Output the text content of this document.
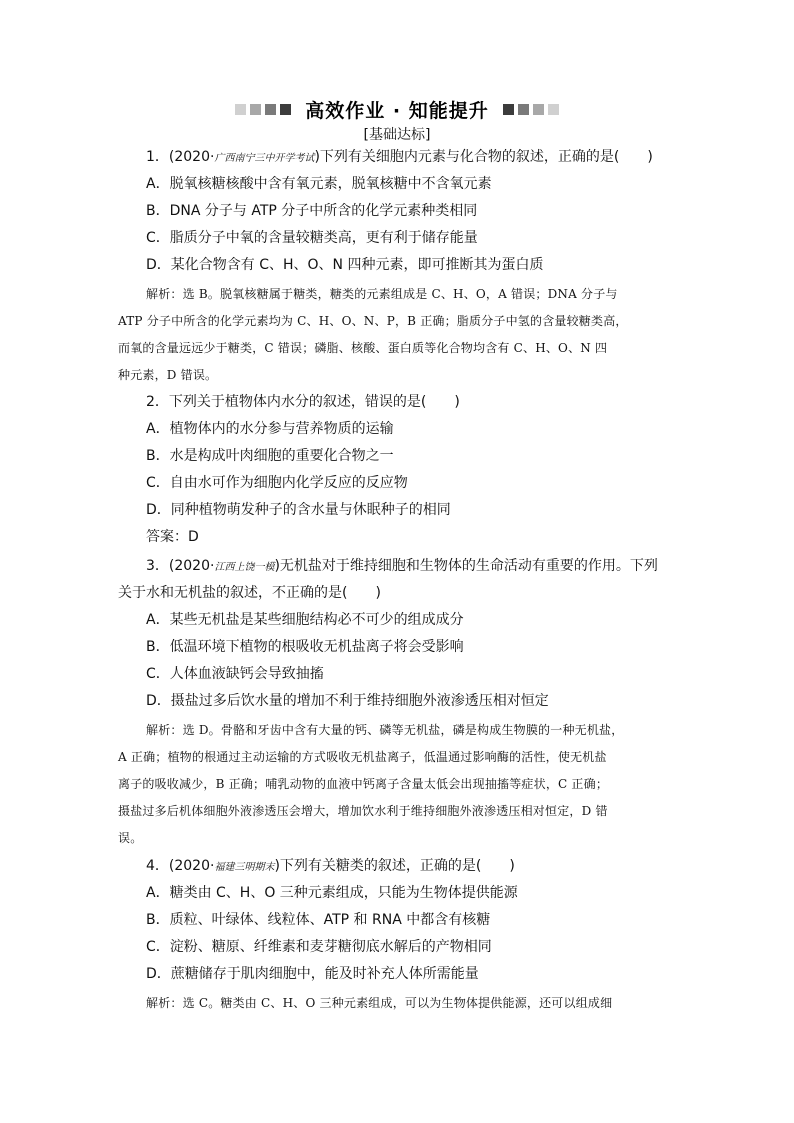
高效作业 · 知能提升
[基础达标]
1．(2020·广西南宁三中开学考试)下列有关细胞内元素与化合物的叙述，正确的是(　　)
A．脱氧核糖核酸中含有氧元素，脱氧核糖中不含氧元素
B．DNA 分子与 ATP 分子中所含的化学元素种类相同
C．脂质分子中氧的含量较糖类高，更有利于储存能量
D．某化合物含有 C、H、O、N 四种元素，即可推断其为蛋白质
解析：选 B。脱氧核糖属于糖类，糖类的元素组成是 C、H、O，A 错误；DNA 分子与
ATP 分子中所含的化学元素均为 C、H、O、N、P，B 正确；脂质分子中氢的含量较糖类高，
而氧的含量远远少于糖类，C 错误；磷脂、核酸、蛋白质等化合物均含有 C、H、O、N 四
种元素，D 错误。
2．下列关于植物体内水分的叙述，错误的是(　　)
A．植物体内的水分参与营养物质的运输
B．水是构成叶肉细胞的重要化合物之一
C．自由水可作为细胞内化学反应的反应物
D．同种植物萌发种子的含水量与休眠种子的相同
答案：D
3．(2020·江西上饶一模)无机盐对于维持细胞和生物体的生命活动有重要的作用。下列
关于水和无机盐的叙述，不正确的是(　　)
A．某些无机盐是某些细胞结构必不可少的组成成分
B．低温环境下植物的根吸收无机盐离子将会受影响
C．人体血液缺钙会导致抽搐
D．摄盐过多后饮水量的增加不利于维持细胞外液渗透压相对恒定
解析：选 D。骨骼和牙齿中含有大量的钙、磷等无机盐，磷是构成生物膜的一种无机盐，
A 正确；植物的根通过主动运输的方式吸收无机盐离子，低温通过影响酶的活性，使无机盐
离子的吸收减少，B 正确；哺乳动物的血液中钙离子含量太低会出现抽搐等症状，C 正确；
摄盐过多后机体细胞外液渗透压会增大，增加饮水利于维持细胞外液渗透压相对恒定，D 错
误。
4．(2020·福建三明期末)下列有关糖类的叙述，正确的是(　　)
A．糖类由 C、H、O 三种元素组成，只能为生物体提供能源
B．质粒、叶绿体、线粒体、ATP 和 RNA 中都含有核糖
C．淀粉、糖原、纤维素和麦芽糖彻底水解后的产物相同
D．蔗糖储存于肌肉细胞中，能及时补充人体所需能量
解析：选 C。糖类由 C、H、O 三种元素组成，可以为生物体提供能源，还可以组成细
